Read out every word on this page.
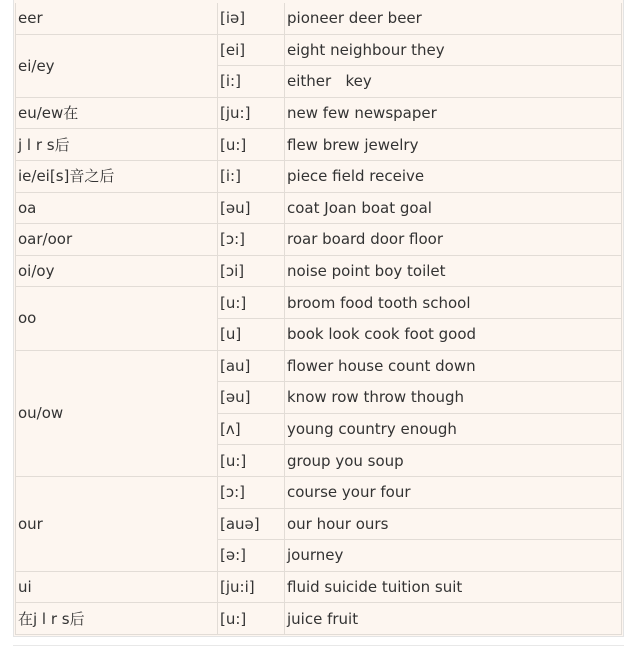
eer	[iə]	pioneer deer beer
ei/ey	[ei]	eight neighbour they
	[i:]	either   key
eu/ew在	[ju:]	new few newspaper
j l r s后	[u:]	flew brew jewelry
ie/ei[s]音之后	[i:]	piece field receive
oa	[əu]	coat Joan boat goal
oar/oor	[ɔ:]	roar board door floor
oi/oy	[ɔi]	noise point boy toilet
oo	[u:]	broom food tooth school
	[u]	book look cook foot good
ou/ow	[au]	flower house count down
	[əu]	know row throw though
	[ʌ]	young country enough
	[u:]	group you soup
our	[ɔ:]	course your four
	[auə]	our hour ours
	[ə:]	journey
ui	[ju:i]	fluid suicide tuition suit
在j l r s后	[u:]	juice fruit
